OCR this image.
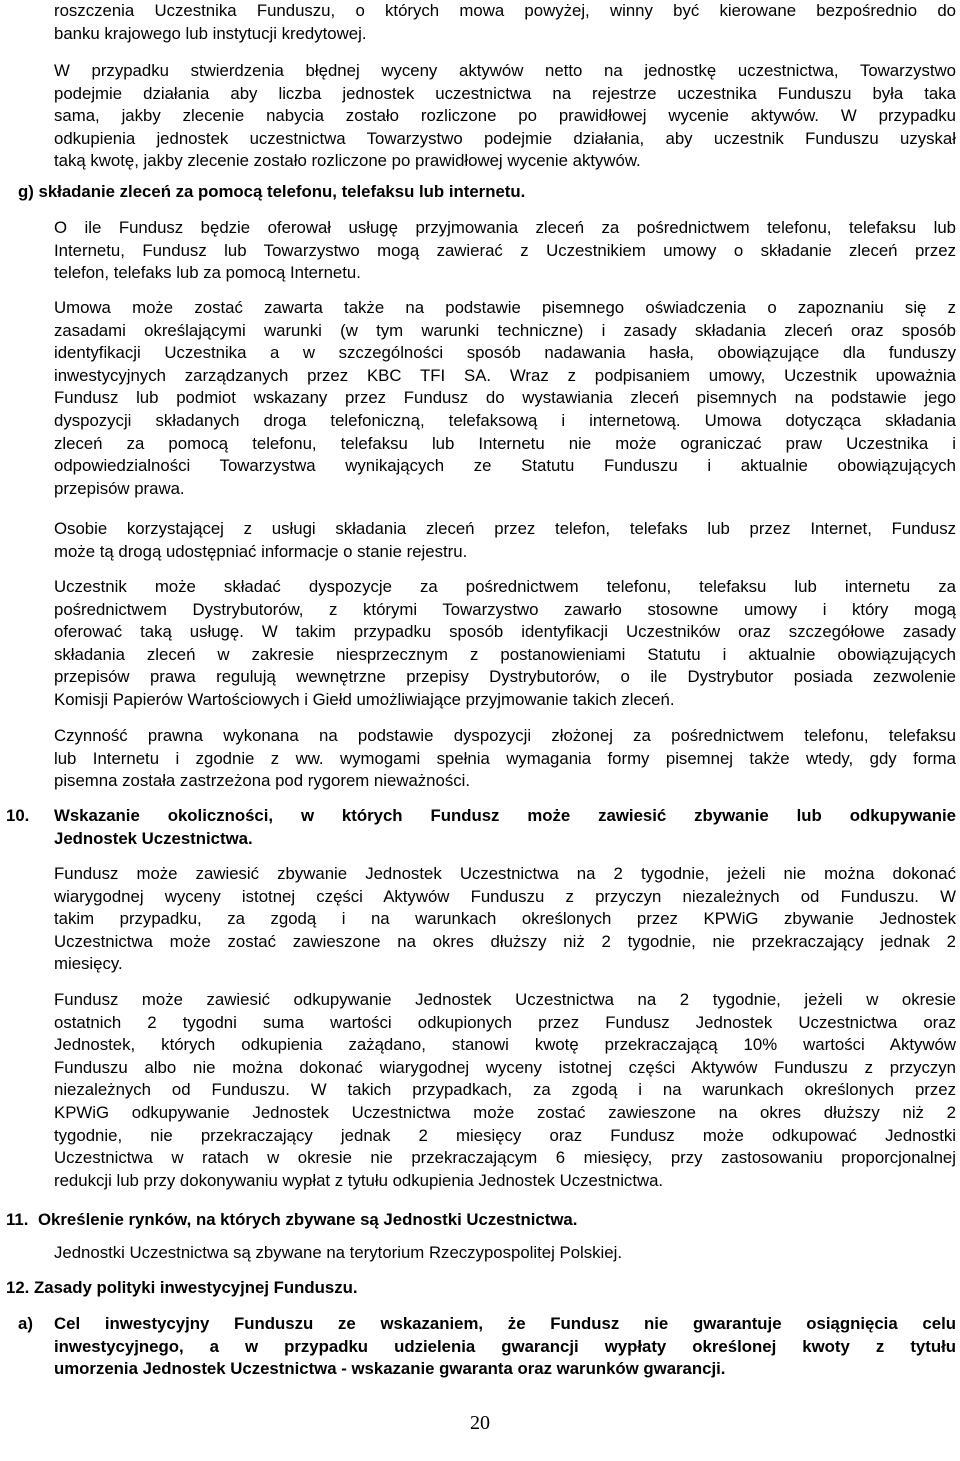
roszczenia Uczestnika Funduszu, o których mowa powyżej, winny być kierowane bezpośrednio do
banku krajowego lub instytucji kredytowej.
W przypadku stwierdzenia błędnej wyceny aktywów netto na jednostkę uczestnictwa, Towarzystwo
podejmie działania aby liczba jednostek uczestnictwa na rejestrze uczestnika Funduszu była taka
sama, jakby zlecenie nabycia zostało rozliczone po prawidłowej wycenie aktywów. W przypadku
odkupienia jednostek uczestnictwa Towarzystwo podejmie działania, aby uczestnik Funduszu uzyskał
taką kwotę, jakby zlecenie zostało rozliczone po prawidłowej wycenie aktywów.
g) składanie zleceń za pomocą telefonu, telefaksu lub internetu.
O ile Fundusz będzie oferował usługę przyjmowania zleceń za pośrednictwem telefonu, telefaksu lub
Internetu, Fundusz lub Towarzystwo mogą zawierać z Uczestnikiem umowy o składanie zleceń przez
telefon, telefaks lub za pomocą Internetu.
Umowa może zostać zawarta także na podstawie pisemnego oświadczenia o zapoznaniu się z
zasadami określającymi warunki (w tym warunki techniczne) i zasady składania zleceń oraz sposób
identyfikacji Uczestnika a w szczególności sposób nadawania hasła, obowiązujące dla funduszy
inwestycyjnych zarządzanych przez KBC TFI SA. Wraz z podpisaniem umowy, Uczestnik upoważnia
Fundusz lub podmiot wskazany przez Fundusz do wystawiania zleceń pisemnych na podstawie jego
dyspozycji składanych droga telefoniczną, telefaksową i internetową. Umowa dotycząca składania
zleceń za pomocą telefonu, telefaksu lub Internetu nie może ograniczać praw Uczestnika i
odpowiedzialności Towarzystwa wynikających ze Statutu Funduszu i aktualnie obowiązujących
przepisów prawa.
Osobie korzystającej z usługi składania zleceń przez telefon, telefaks lub przez Internet, Fundusz
może tą drogą udostępniać informacje o stanie rejestru.
Uczestnik może składać dyspozycje za pośrednictwem telefonu, telefaksu lub internetu za
pośrednictwem Dystrybutorów, z którymi Towarzystwo zawarło stosowne umowy i który mogą
oferować taką usługę. W takim przypadku sposób identyfikacji Uczestników oraz szczegółowe zasady
składania zleceń w zakresie niesprzecznym z postanowieniami Statutu i aktualnie obowiązujących
przepisów prawa regulują wewnętrzne przepisy Dystrybutorów, o ile Dystrybutor posiada zezwolenie
Komisji Papierów Wartościowych i Giełd umożliwiające przyjmowanie takich zleceń.
Czynność prawna wykonana na podstawie dyspozycji złożonej za pośrednictwem telefonu, telefaksu
lub Internetu i zgodnie z ww. wymogami spełnia wymagania formy pisemnej także wtedy, gdy forma
pisemna została zastrzeżona pod rygorem nieważności.
10. Wskazanie okoliczności, w których Fundusz może zawiesić zbywanie lub odkupywanie
Jednostek Uczestnictwa.
Fundusz może zawiesić zbywanie Jednostek Uczestnictwa na 2 tygodnie, jeżeli nie można dokonać
wiarygodnej wyceny istotnej części Aktywów Funduszu z przyczyn niezależnych od Funduszu. W
takim przypadku, za zgodą i na warunkach określonych przez KPWiG zbywanie Jednostek
Uczestnictwa może zostać zawieszone na okres dłuższy niż 2 tygodnie, nie przekraczający jednak 2
miesięcy.
Fundusz może zawiesić odkupywanie Jednostek Uczestnictwa na 2 tygodnie, jeżeli w okresie
ostatnich 2 tygodni suma wartości odkupionych przez Fundusz Jednostek Uczestnictwa oraz
Jednostek, których odkupienia zażądano, stanowi kwotę przekraczającą 10% wartości Aktywów
Funduszu albo nie można dokonać wiarygodnej wyceny istotnej części Aktywów Funduszu z przyczyn
niezależnych od Funduszu. W takich przypadkach, za zgodą i na warunkach określonych przez
KPWiG odkupywanie Jednostek Uczestnictwa może zostać zawieszone na okres dłuższy niż 2
tygodnie, nie przekraczający jednak 2 miesięcy oraz Fundusz może odkupować Jednostki
Uczestnictwa w ratach w okresie nie przekraczającym 6 miesięcy, przy zastosowaniu proporcjonalnej
redukcji lub przy dokonywaniu wypłat z tytułu odkupienia Jednostek Uczestnictwa.
11. Określenie rynków, na których zbywane są Jednostki Uczestnictwa.
Jednostki Uczestnictwa są zbywane na terytorium Rzeczypospolitej Polskiej.
12. Zasady polityki inwestycyjnej Funduszu.
a) Cel inwestycyjny Funduszu ze wskazaniem, że Fundusz nie gwarantuje osiągnięcia celu
inwestycyjnego, a w przypadku udzielenia gwarancji wypłaty określonej kwoty z tytułu
umorzenia Jednostek Uczestnictwa - wskazanie gwaranta oraz warunków gwarancji.
20
